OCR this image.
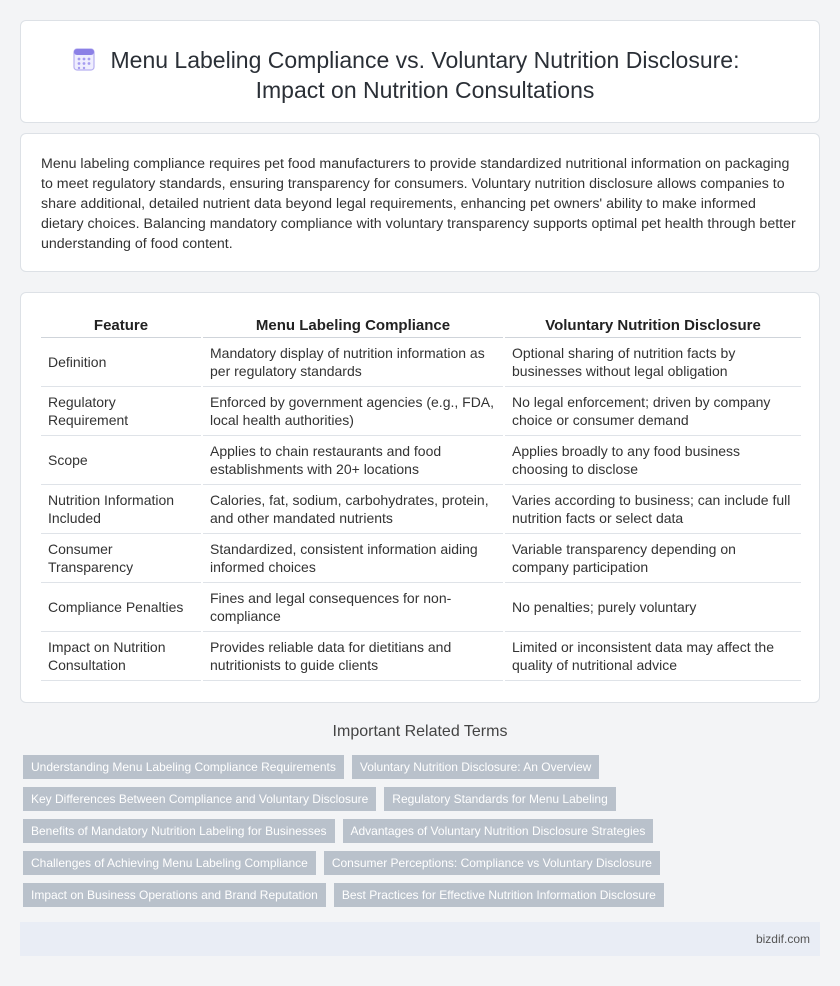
Menu Labeling Compliance vs. Voluntary Nutrition Disclosure: Impact on Nutrition Consultations

Menu labeling compliance requires pet food manufacturers to provide standardized nutritional information on packaging to meet regulatory standards, ensuring transparency for consumers. Voluntary nutrition disclosure allows companies to share additional, detailed nutrient data beyond legal requirements, enhancing pet owners' ability to make informed dietary choices. Balancing mandatory compliance with voluntary transparency supports optimal pet health through better understanding of food content.

Feature	Menu Labeling Compliance	Voluntary Nutrition Disclosure
Definition	Mandatory display of nutrition information as per regulatory standards	Optional sharing of nutrition facts by businesses without legal obligation
Regulatory Requirement	Enforced by government agencies (e.g., FDA, local health authorities)	No legal enforcement; driven by company choice or consumer demand
Scope	Applies to chain restaurants and food establishments with 20+ locations	Applies broadly to any food business choosing to disclose
Nutrition Information Included	Calories, fat, sodium, carbohydrates, protein, and other mandated nutrients	Varies according to business; can include full nutrition facts or select data
Consumer Transparency	Standardized, consistent information aiding informed choices	Variable transparency depending on company participation
Compliance Penalties	Fines and legal consequences for non-compliance	No penalties; purely voluntary
Impact on Nutrition Consultation	Provides reliable data for dietitians and nutritionists to guide clients	Limited or inconsistent data may affect the quality of nutritional advice
Important Related Terms
Understanding Menu Labeling Compliance Requirements	Voluntary Nutrition Disclosure: An Overview
Key Differences Between Compliance and Voluntary Disclosure	Regulatory Standards for Menu Labeling
Benefits of Mandatory Nutrition Labeling for Businesses	Advantages of Voluntary Nutrition Disclosure Strategies
Challenges of Achieving Menu Labeling Compliance	Consumer Perceptions: Compliance vs Voluntary Disclosure
Impact on Business Operations and Brand Reputation	Best Practices for Effective Nutrition Information Disclosure
bizdif.com
